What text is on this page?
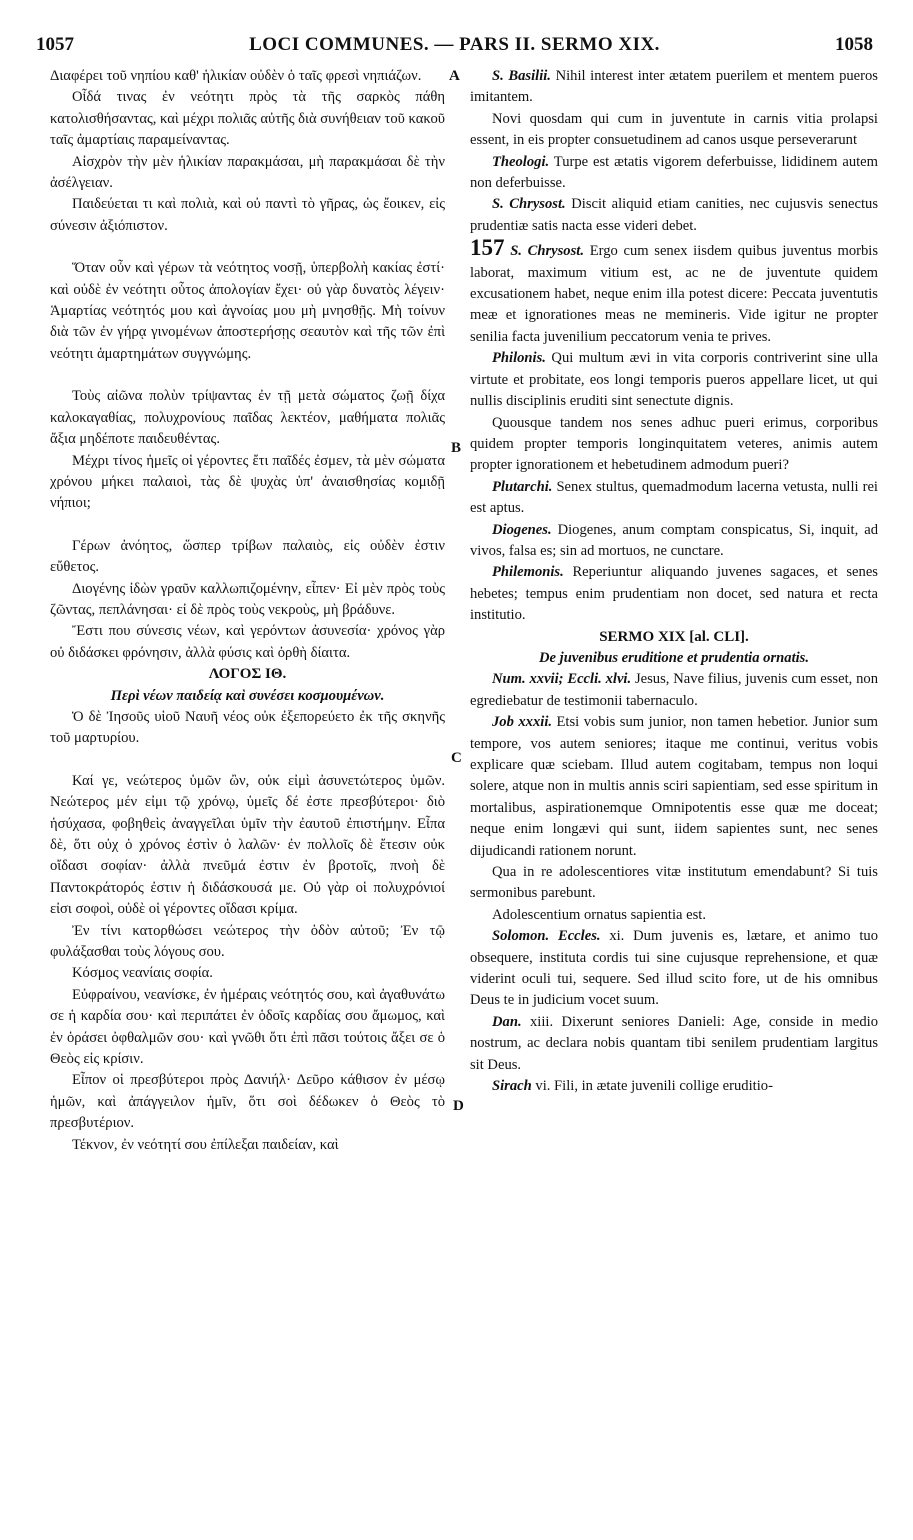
1057	LOCI COMMUNES. — PARS II. SERMO XIX.	1058
A
B
C
D

Διαφέρει τοῦ νηπίου καθ' ἡλικίαν οὐδὲν ὁ ταῖς φρεσὶ νηπιάζων.

Οἶδά τινας ἐν νεότητι πρὸς τὰ τῆς σαρκὸς πάθη κατολισθήσαντας, καὶ μέχρι πολιᾶς αὐτῆς διὰ συνήθειαν τοῦ κακοῦ ταῖς ἁμαρτίαις παραμείναντας.

Αἰσχρὸν τὴν μὲν ἡλικίαν παρακμάσαι, μὴ παρακμάσαι δὲ τὴν ἀσέλγειαν.

Παιδεύεται τι καὶ πολιὰ, καὶ οὐ παντὶ τὸ γῆρας, ὡς ἔοικεν, εἰς σύνεσιν ἀξιόπιστον.

Ὅταν οὖν καὶ γέρων τὰ νεότητος νοσῇ, ὑπερβολὴ κακίας ἐστί· καὶ οὐδὲ ἐν νεότητι οὗτος ἀπολογίαν ἔχει· οὐ γὰρ δυνατὸς λέγειν· Ἁμαρτίας νεότητός μου καὶ ἀγνοίας μου μὴ μνησθῇς. Μὴ τοίνυν διὰ τῶν ἐν γήρᾳ γινομένων ἀποστερήσῃς σεαυτὸν καὶ τῆς τῶν ἐπὶ νεότητι ἁμαρτημάτων συγγνώμης.

Τοὺς αἰῶνα πολὺν τρίψαντας ἐν τῇ μετὰ σώματος ζωῇ δίχα καλοκαγαθίας, πολυχρονίους παῖδας λεκτέον, μαθήματα πολιᾶς ἄξια μηδέποτε παιδευθέντας.

Μέχρι τίνος ἡμεῖς οἱ γέροντες ἔτι παῖδές ἐσμεν, τὰ μὲν σώματα χρόνου μήκει παλαιοὶ, τὰς δὲ ψυχὰς ὑπ' ἀναισθησίας κομιδῇ νήπιοι;

Γέρων ἀνόητος, ὥσπερ τρίβων παλαιὸς, εἰς οὐδὲν ἐστιν εὔθετος.

Διογένης ἰδὼν γραῦν καλλωπιζομένην, εἶπεν· Εἰ μὲν πρὸς τοὺς ζῶντας, πεπλάνησαι· εἰ δὲ πρὸς τοὺς νεκροὺς, μὴ βράδυνε.

Ἔστι που σύνεσις νέων, καὶ γερόντων ἀσυνεσία· χρόνος γὰρ οὐ διδάσκει φρόνησιν, ἀλλὰ φύσις καὶ ὀρθὴ δίαιτα.

ΛΟΓΟΣ ΙΘ.

Περὶ νέων παιδείᾳ καὶ συνέσει κοσμουμένων.

Ὁ δὲ Ἰησοῦς υἱοῦ Ναυῆ νέος οὐκ ἐξεπορεύετο ἐκ τῆς σκηνῆς τοῦ μαρτυρίου.

Καί γε, νεώτερος ὑμῶν ὢν, οὐκ εἰμὶ ἀσυνετώτερος ὑμῶν. Νεώτερος μέν εἰμι τῷ χρόνῳ, ὑμεῖς δέ ἐστε πρεσβύτεροι· διὸ ἡσύχασα, φοβηθεὶς ἀναγγεῖλαι ὑμῖν τὴν ἐαυτοῦ ἐπιστήμην. Εἶπα δὲ, ὅτι οὐχ ὁ χρόνος ἐστὶν ὁ λαλῶν· ἐν πολλοῖς δὲ ἔτεσιν οὐκ οἴδασι σοφίαν· ἀλλὰ πνεῦμά ἐστιν ἐν βροτοῖς, πνοὴ δὲ Παντοκράτορός ἐστιν ἡ διδάσκουσά με. Οὐ γὰρ οἱ πολυχρόνιοί εἰσι σοφοὶ, οὐδὲ οἱ γέροντες οἴδασι κρίμα.

Ἐν τίνι κατορθώσει νεώτερος τὴν ὁδὸν αὐτοῦ; Ἐν τῷ φυλάξασθαι τοὺς λόγους σου.

Κόσμος νεανίαις σοφία.

Εὐφραίνου, νεανίσκε, ἐν ἡμέραις νεότητός σου, καὶ ἀγαθυνάτω σε ἡ καρδία σου· καὶ περιπάτει ἐν ὁδοῖς καρδίας σου ἄμωμος, καὶ ἐν ὁράσει ὀφθαλμῶν σου· καὶ γνῶθι ὅτι ἐπὶ πᾶσι τούτοις ἄξει σε ὁ Θεὸς εἰς κρίσιν.

Εἶπον οἱ πρεσβύτεροι πρὸς Δανιήλ· Δεῦρο κάθισον ἐν μέσῳ ἡμῶν, καὶ ἀπάγγειλον ἡμῖν, ὅτι σοὶ δέδωκεν ὁ Θεὸς τὸ πρεσβυτέριον.

Τέκνον, ἐν νεότητί σου ἐπίλεξαι παιδείαν, καὶ

S. Basilii. Nihil interest inter ætatem puerilem et mentem pueros imitantem.

Novi quosdam qui cum in juventute in carnis vitia prolapsi essent, in eis propter consuetudinem ad canos usque perseverarunt

Theologi. Turpe est ætatis vigorem deferbuisse, lididinem autem non deferbuisse.

S. Chrysost. Discit aliquid etiam canities, nec cujusvis senectus prudentiæ satis nacta esse videri debet.

157 S. Chrysost. Ergo cum senex iisdem quibus juventus morbis laborat, maximum vitium est, ac ne de juventute quidem excusationem habet, neque enim illa potest dicere: Peccata juventutis meæ et ignorationes meas ne memineris. Vide igitur ne propter senilia facta juvenilium peccatorum venia te prives.

Philonis. Qui multum ævi in vita corporis contriverint sine ulla virtute et probitate, eos longi temporis pueros appellare licet, ut qui nullis disciplinis eruditi sint senectute dignis.

Quousque tandem nos senes adhuc pueri erimus, corporibus quidem propter temporis longinquitatem veteres, animis autem propter ignorationem et hebetudinem admodum pueri?

Plutarchi. Senex stultus, quemadmodum lacerna vetusta, nulli rei est aptus.

Diogenes. Diogenes, anum comptam conspicatus, Si, inquit, ad vivos, falsa es; sin ad mortuos, ne cunctare.

Philemonis. Reperiuntur aliquando juvenes sagaces, et senes hebetes; tempus enim prudentiam non docet, sed natura et recta institutio.

SERMO XIX [al. CLI].

De juvenibus eruditione et prudentia ornatis.

Num. xxvii; Eccli. xlvi. Jesus, Nave filius, juvenis cum esset, non egrediebatur de testimonii tabernaculo.

Job xxxii. Etsi vobis sum junior, non tamen hebetior. Junior sum tempore, vos autem seniores; itaque me continui, veritus vobis explicare quæ sciebam. Illud autem cogitabam, tempus non loqui solere, atque non in multis annis sciri sapientiam, sed esse spiritum in mortalibus, aspirationemque Omnipotentis esse quæ me doceat; neque enim longævi qui sunt, iidem sapientes sunt, nec senes dijudicandi rationem norunt.

Qua in re adolescentiores vitæ institutum emendabunt? Si tuis sermonibus parebunt.

Adolescentium ornatus sapientia est.

Solomon. Eccles. xi. Dum juvenis es, lætare, et animo tuo obsequere, instituta cordis tui sine cujusque reprehensione, et quæ viderint oculi tui, sequere. Sed illud scito fore, ut de his omnibus Deus te in judicium vocet suum.

Dan. xiii. Dixerunt seniores Danieli: Age, considе in medio nostrum, ac declara nobis quantam tibi senilem prudentiam largitus sit Deus.

Sirach vi. Fili, in ætate juvenili collige eruditio-
